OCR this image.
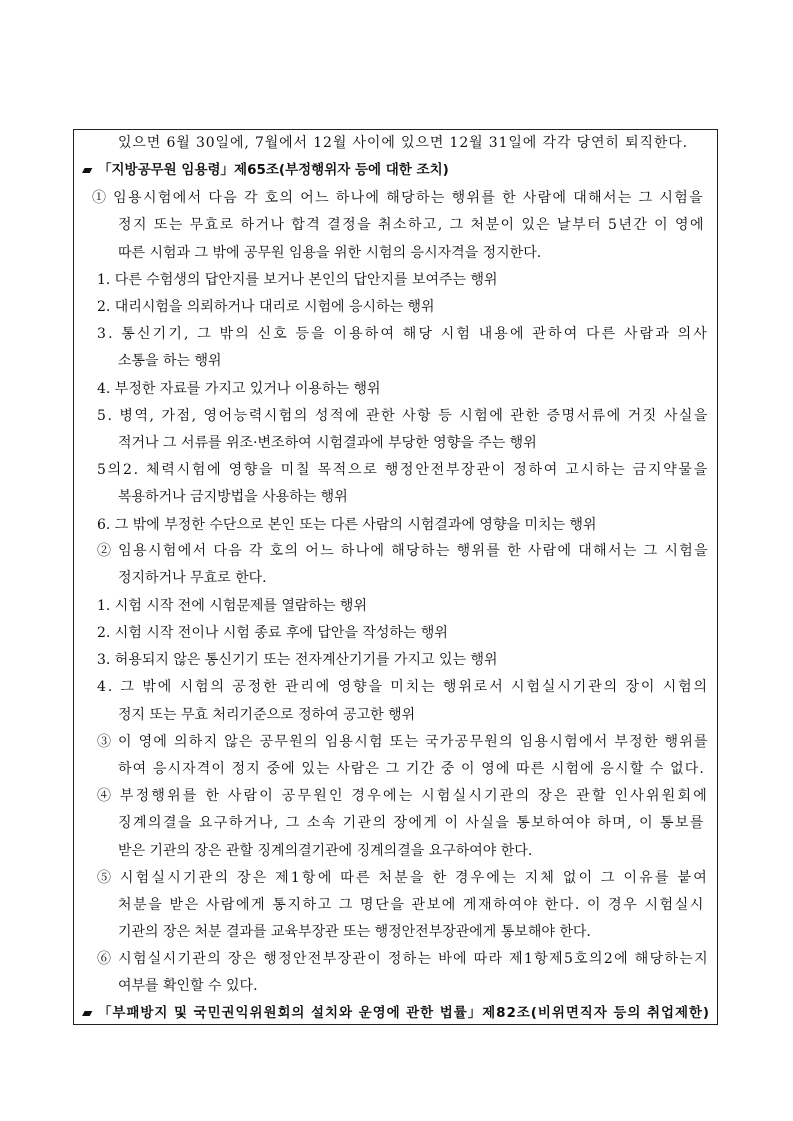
있으면 6월 30일에, 7월에서 12월 사이에 있으면 12월 31일에 각각 당연히 퇴직한다.
▰ 「지방공무원 임용령」제65조(부정행위자 등에 대한 조치)
① 임용시험에서 다음 각 호의 어느 하나에 해당하는 행위를 한 사람에 대해서는 그 시험을
정지 또는 무효로 하거나 합격 결정을 취소하고, 그 처분이 있은 날부터 5년간 이 영에
따른 시험과 그 밖에 공무원 임용을 위한 시험의 응시자격을 정지한다.
1. 다른 수험생의 답안지를 보거나 본인의 답안지를 보여주는 행위
2. 대리시험을 의뢰하거나 대리로 시험에 응시하는 행위
3. 통신기기, 그 밖의 신호 등을 이용하여 해당 시험 내용에 관하여 다른 사람과 의사
소통을 하는 행위
4. 부정한 자료를 가지고 있거나 이용하는 행위
5. 병역, 가점, 영어능력시험의 성적에 관한 사항 등 시험에 관한 증명서류에 거짓 사실을
적거나 그 서류를 위조·변조하여 시험결과에 부당한 영향을 주는 행위
5의2. 체력시험에 영향을 미칠 목적으로 행정안전부장관이 정하여 고시하는 금지약물을
복용하거나 금지방법을 사용하는 행위
6. 그 밖에 부정한 수단으로 본인 또는 다른 사람의 시험결과에 영향을 미치는 행위
② 임용시험에서 다음 각 호의 어느 하나에 해당하는 행위를 한 사람에 대해서는 그 시험을
정지하거나 무효로 한다.
1. 시험 시작 전에 시험문제를 열람하는 행위
2. 시험 시작 전이나 시험 종료 후에 답안을 작성하는 행위
3. 허용되지 않은 통신기기 또는 전자계산기기를 가지고 있는 행위
4. 그 밖에 시험의 공정한 관리에 영향을 미치는 행위로서 시험실시기관의 장이 시험의
정지 또는 무효 처리기준으로 정하여 공고한 행위
③ 이 영에 의하지 않은 공무원의 임용시험 또는 국가공무원의 임용시험에서 부정한 행위를
하여 응시자격이 정지 중에 있는 사람은 그 기간 중 이 영에 따른 시험에 응시할 수 없다.
④ 부정행위를 한 사람이 공무원인 경우에는 시험실시기관의 장은 관할 인사위원회에
징계의결을 요구하거나, 그 소속 기관의 장에게 이 사실을 통보하여야 하며, 이 통보를
받은 기관의 장은 관할 징계의결기관에 징계의결을 요구하여야 한다.
⑤ 시험실시기관의 장은 제1항에 따른 처분을 한 경우에는 지체 없이 그 이유를 붙여
처분을 받은 사람에게 통지하고 그 명단을 관보에 게재하여야 한다. 이 경우 시험실시
기관의 장은 처분 결과를 교육부장관 또는 행정안전부장관에게 통보해야 한다.
⑥ 시험실시기관의 장은 행정안전부장관이 정하는 바에 따라 제1항제5호의2에 해당하는지
여부를 확인할 수 있다.
▰ 「부패방지 및 국민권익위원회의 설치와 운영에 관한 법률」제82조(비위면직자 등의 취업제한)
